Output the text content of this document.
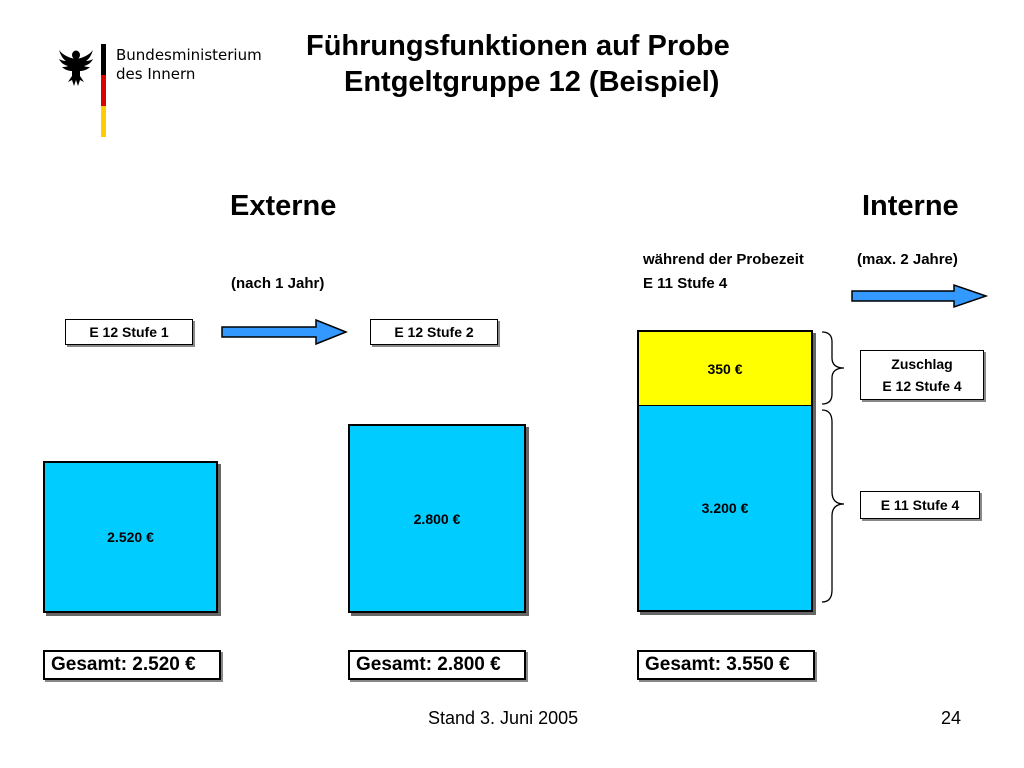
Bundesministerium
des Innern
Führungsfunktionen auf Probe
Entgeltgruppe 12 (Beispiel)
Externe	Interne
während der Probezeit	(max. 2 Jahre)
(nach 1 Jahr)	E 11 Stufe 4
E 12 Stufe 1	E 12 Stufe 2
2.520 €
2.800 €
350 €
3.200 €
Zuschlag
E 12 Stufe 4
E 11 Stufe 4
Gesamt: 2.520 €	Gesamt: 2.800 €	Gesamt: 3.550 €
Stand 3. Juni 2005	24
